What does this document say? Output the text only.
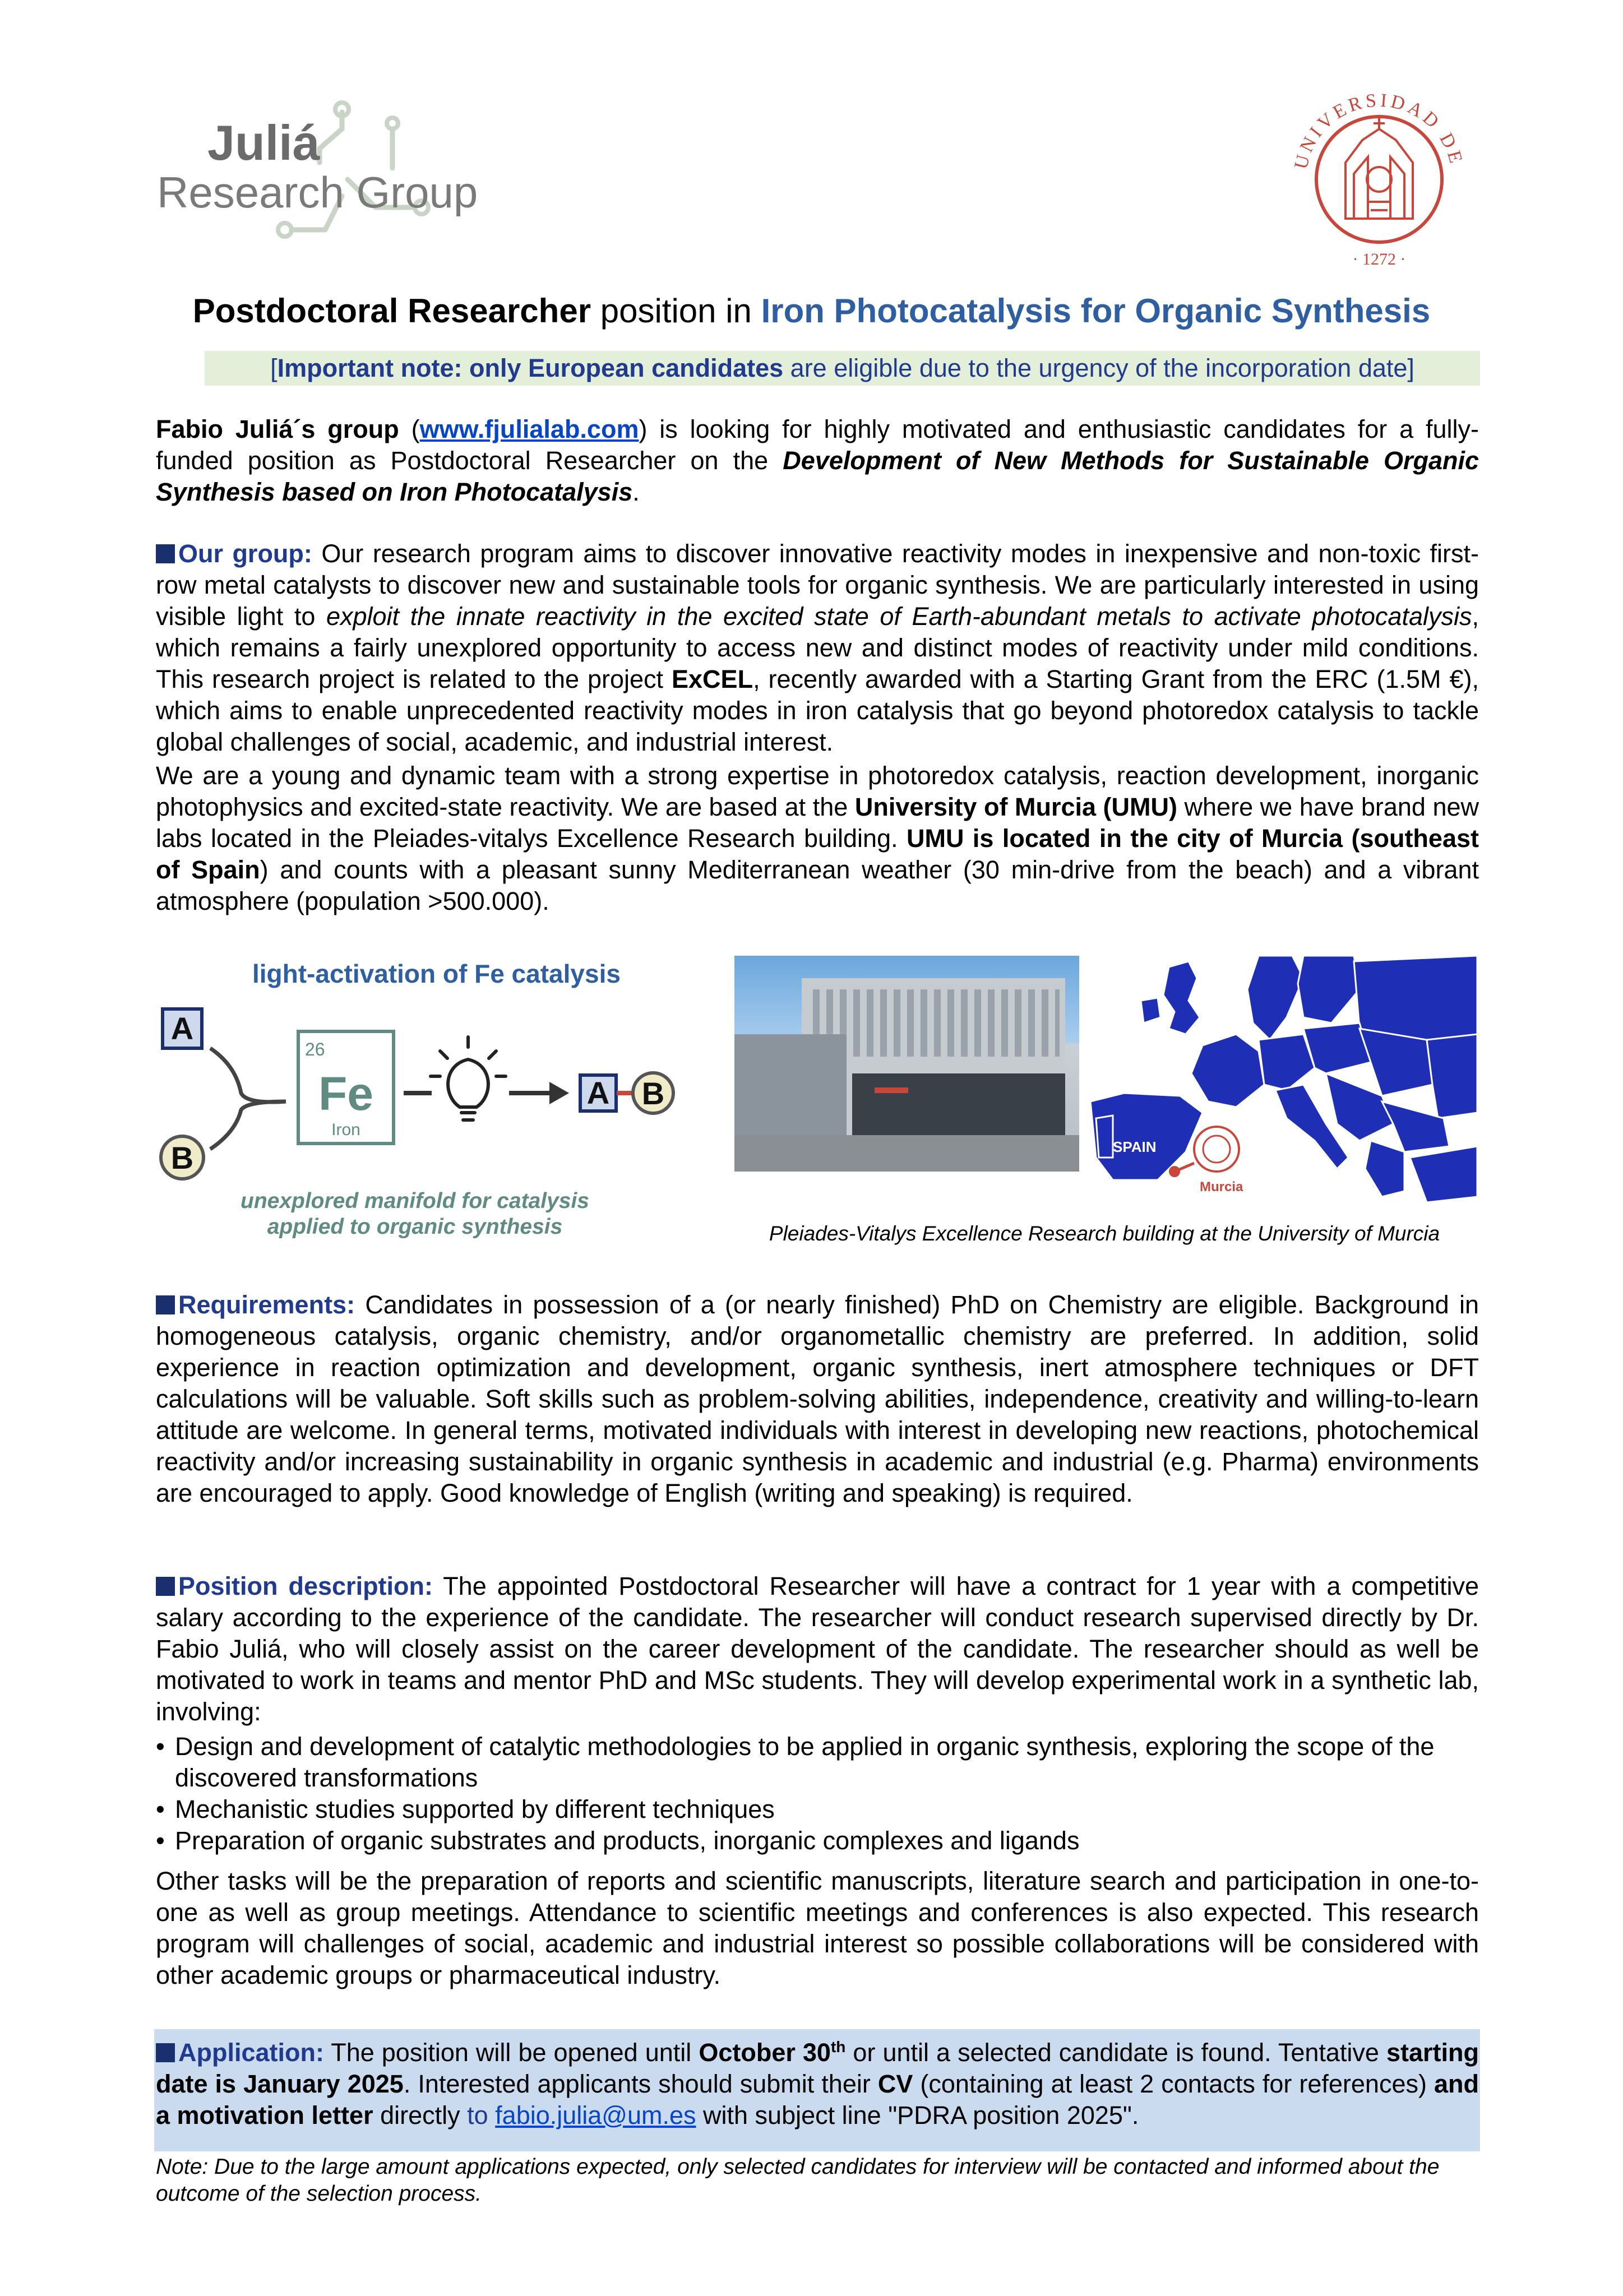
Juliá
Research Group
UNIVERSIDAD DE
· 1272 ·
Postdoctoral Researcher position in Iron Photocatalysis for Organic Synthesis
[Important note: only European candidates are eligible due to the urgency of the incorporation date]
Fabio Juliá´s group (www.fjulialab.com) is looking for highly motivated and enthusiastic candidates for a fully-funded position as Postdoctoral Researcher on the Development of New Methods for Sustainable Organic Synthesis based on Iron Photocatalysis.
Our group: Our research program aims to discover innovative reactivity modes in inexpensive and non-toxic first-row metal catalysts to discover new and sustainable tools for organic synthesis. We are particularly interested in using visible light to exploit the innate reactivity in the excited state of Earth-abundant metals to activate photocatalysis, which remains a fairly unexplored opportunity to access new and distinct modes of reactivity under mild conditions. This research project is related to the project ExCEL, recently awarded with a Starting Grant from the ERC (1.5M €), which aims to enable unprecedented reactivity modes in iron catalysis that go beyond photoredox catalysis to tackle global challenges of social, academic, and industrial interest.
We are a young and dynamic team with a strong expertise in photoredox catalysis, reaction development, inorganic photophysics and excited-state reactivity. We are based at the University of Murcia (UMU) where we have brand new labs located in the Pleiades-vitalys Excellence Research building. UMU is located in the city of Murcia (southeast of Spain) and counts with a pleasant sunny Mediterranean weather (30 min-drive from the beach) and a vibrant atmosphere (population >500.000).
light-activation of Fe catalysis
A
B
26
Fe
Iron
A B
unexplored manifold for catalysis
applied to organic synthesis
SPAIN
Murcia
Pleiades-Vitalys Excellence Research building at the University of Murcia
Requirements: Candidates in possession of a (or nearly finished) PhD on Chemistry are eligible. Background in homogeneous catalysis, organic chemistry, and/or organometallic chemistry are preferred. In addition, solid experience in reaction optimization and development, organic synthesis, inert atmosphere techniques or DFT calculations will be valuable. Soft skills such as problem-solving abilities, independence, creativity and willing-to-learn attitude are welcome. In general terms, motivated individuals with interest in developing new reactions, photochemical reactivity and/or increasing sustainability in organic synthesis in academic and industrial (e.g. Pharma) environments are encouraged to apply. Good knowledge of English (writing and speaking) is required.
Position description: The appointed Postdoctoral Researcher will have a contract for 1 year with a competitive salary according to the experience of the candidate. The researcher will conduct research supervised directly by Dr. Fabio Juliá, who will closely assist on the career development of the candidate. The researcher should as well be motivated to work in teams and mentor PhD and MSc students. They will develop experimental work in a synthetic lab, involving:
• Design and development of catalytic methodologies to be applied in organic synthesis, exploring the scope of the discovered transformations
• Mechanistic studies supported by different techniques
• Preparation of organic substrates and products, inorganic complexes and ligands
Other tasks will be the preparation of reports and scientific manuscripts, literature search and participation in one-to-one as well as group meetings. Attendance to scientific meetings and conferences is also expected. This research program will challenges of social, academic and industrial interest so possible collaborations will be considered with other academic groups or pharmaceutical industry.
Application: The position will be opened until October 30th or until a selected candidate is found. Tentative starting date is January 2025. Interested applicants should submit their CV (containing at least 2 contacts for references) and a motivation letter directly to fabio.julia@um.es with subject line "PDRA position 2025".
Note: Due to the large amount applications expected, only selected candidates for interview will be contacted and informed about the outcome of the selection process.
